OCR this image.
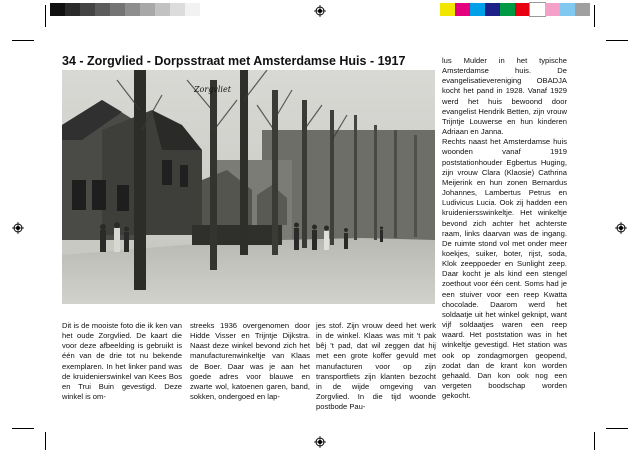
34 - Zorgvlied - Dorpsstraat met Amsterdamse Huis - 1917
Zorgvliet
Dit is de mooiste foto die ik ken van het oude Zorgvlied. De kaart die voor deze afbeelding is gebruikt is één van de drie tot nu bekende exemplaren. In het linker pand was de kruidenierswinkel van Kees Bos en Trui Buin gevestigd. Deze winkel is om-
streeks 1936 overgenomen door Hidde Visser en Trijntje Dijkstra. Naast deze winkel bevond zich het manufacturenwinkeltje van Klaas de Boer. Daar was je aan het goede adres voor blauwe en zwarte wol, katoenen garen, band, sokken, ondergoed en lap-
jes stof. Zijn vrouw deed het werk in de winkel. Klaas was mit 't pak bêj 't pad, dat wil zeggen dat hij met een grote koffer gevuld met manufacturen voor op zijn transportfiets zijn klanten bezocht in de wijde omgeving van Zorgvlied. In die tijd woonde postbode Pau-

lus Mulder in het typische Amsterdamse huis. De evangelisatievereniging OBADJA kocht het pand in 1928. Vanaf 1929 werd het huis bewoond door evangelist Hendrik Betten, zijn vrouw Trijntje Louwerse en hun kinderen Adriaan en Janna.

Rechts naast het Amsterdamse huis woonden vanaf 1919 poststationhouder Egbertus Huging, zijn vrouw Clara (Klaosie) Cathrina Meijerink en hun zonen Bernardus Johannes, Lambertus Petrus en Ludivicus Lucia. Ook zij hadden een kruideniersswinkeltje. Het winkeltje bevond zich achter het achterste raam, links daarvan was de ingang. De ruimte stond vol met onder meer koekjes, suiker, boter, rijst, soda, Klok zeeppoeder en Sunlight zeep. Daar kocht je als kind een stengel zoethout voor één cent. Soms had je een stuiver voor een reep Kwatta chocolade. Daarom werd het soldaatje uit het winkel geknipt, want vijf soldaatjes waren een reep waard. Het poststation was in het winkeltje gevestigd. Het station was ook op zondagmorgen geopend, zodat dan de krant kon worden gehaald. Dan kon ook nog een vergeten boodschap worden gekocht.
